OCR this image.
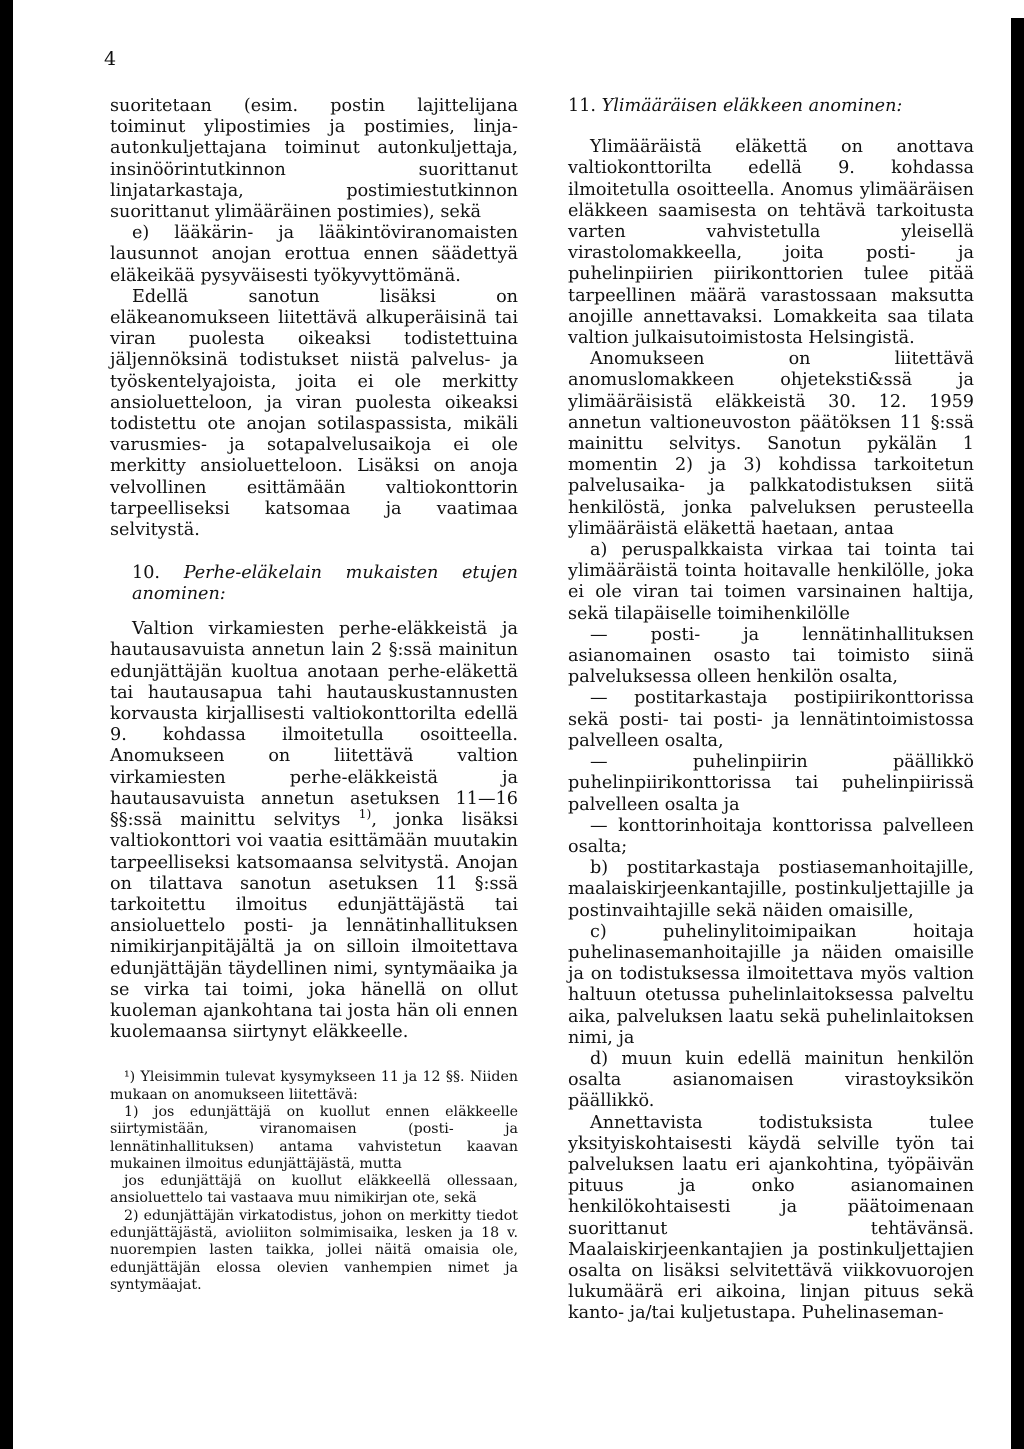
4

suoritetaan (esim. postin lajittelijana toiminut ylipostimies ja postimies, linja-autonkuljettajana toiminut autonkuljettaja, insinöörintutkinnon suorittanut linjatarkastaja, postimiestutkinnon suorittanut ylimääräinen postimies), sekä

e) lääkärin- ja lääkintöviranomaisten lausunnot anojan erottua ennen säädettyä eläkeikää pysyväisesti työkyvyttömänä.

Edellä sanotun lisäksi on eläkeanomukseen liitettävä alkuperäisinä tai viran puolesta oikeaksi todistettuina jäljennöksinä todistukset niistä palvelus- ja työskentelyajoista, joita ei ole merkitty ansioluetteloon, ja viran puolesta oikeaksi todistettu ote anojan sotilaspassista, mikäli varusmies- ja sotapalvelusaikoja ei ole merkitty ansioluetteloon. Lisäksi on anoja velvollinen esittämään valtiokonttorin tarpeelliseksi katsomaa ja vaatimaa selvitystä.

10. Perhe-eläkelain mukaisten etujen anominen:

Valtion virkamiesten perhe-eläkkeistä ja hautausavuista annetun lain 2 §:ssä mainitun edunjättäjän kuoltua anotaan perhe-eläkettä tai hautausapua tahi hautauskustannusten korvausta kirjallisesti valtiokonttorilta edellä 9. kohdassa ilmoitetulla osoitteella. Anomukseen on liitettävä valtion virkamiesten perhe-eläkkeistä ja hautausavuista annetun asetuksen 11—16 §§:ssä mainittu selvitys $^{1)}$, jonka lisäksi valtiokonttori voi vaatia esittämään muutakin tarpeelliseksi katsomaansa selvitystä. Anojan on tilattava sanotun asetuksen 11 §:ssä tarkoitettu ilmoitus edunjättäjästä tai ansioluettelo posti- ja lennätinhallituksen nimikirjanpitäjältä ja on silloin ilmoitettava edunjättäjän täydellinen nimi, syntymäaika ja se virka tai toimi, joka hänellä on ollut kuoleman ajankohtana tai josta hän oli ennen kuolemaansa siirtynyt eläkkeelle.

¹) Yleisimmin tulevat kysymykseen 11 ja 12 §§. Niiden mukaan on anomukseen liitettävä:

1) jos edunjättäjä on kuollut ennen eläkkeelle siirtymistään, viranomaisen (posti- ja lennätinhallituksen) antama vahvistetun kaavan mukainen ilmoitus edunjättäjästä, mutta

jos edunjättäjä on kuollut eläkkeellä ollessaan, ansioluettelo tai vastaava muu nimikirjan ote, sekä

2) edunjättäjän virkatodistus, johon on merkitty tiedot edunjättäjästä, avioliiton solmimisaika, lesken ja 18 v. nuorempien lasten taikka, jollei näitä omaisia ole, edunjättäjän elossa olevien vanhempien nimet ja syntymäajat.

11. Ylimääräisen eläkkeen anominen:

Ylimääräistä eläkettä on anottava valtiokonttorilta edellä 9. kohdassa ilmoitetulla osoitteella. Anomus ylimääräisen eläkkeen saamisesta on tehtävä tarkoitusta varten vahvistetulla yleisellä virastolomakkeella, joita posti- ja puhelinpiirien piirikonttorien tulee pitää tarpeellinen määrä varastossaan maksutta anojille annettavaksi. Lomakkeita saa tilata valtion julkaisutoimistosta Helsingistä.

Anomukseen on liitettävä anomuslomakkeen ohjeteksti&ssä ja ylimääräisistä eläkkeistä 30. 12. 1959 annetun valtioneuvoston päätöksen 11 §:ssä mainittu selvitys. Sanotun pykälän 1 momentin 2) ja 3) kohdissa tarkoitetun palvelusaika- ja palkkatodistuksen siitä henkilöstä, jonka palveluksen perusteella ylimääräistä eläkettä haetaan, antaa

a) peruspalkkaista virkaa tai tointa tai ylimääräistä tointa hoitavalle henkilölle, joka ei ole viran tai toimen varsinainen haltija, sekä tilapäiselle toimihenkilölle

— posti- ja lennätinhallituksen asianomainen osasto tai toimisto siinä palveluksessa olleen henkilön osalta,

— postitarkastaja postipiirikonttorissa sekä posti- tai posti- ja lennätintoimistossa palvelleen osalta,

— puhelinpiirin päällikkö puhelinpiirikonttorissa tai puhelinpiirissä palvelleen osalta ja

— konttorinhoitaja konttorissa palvelleen osalta;

b) postitarkastaja postiasemanhoitajille, maalaiskirjeenkantajille, postinkuljettajille ja postinvaihtajille sekä näiden omaisille,

c) puhelinylitoimipaikan hoitaja puhelinasemanhoitajille ja näiden omaisille ja on todistuksessa ilmoitettava myös valtion haltuun otetussa puhelinlaitoksessa palveltu aika, palveluksen laatu sekä puhelinlaitoksen nimi, ja

d) muun kuin edellä mainitun henkilön osalta asianomaisen virastoyksikön päällikkö.

Annettavista todistuksista tulee yksityiskohtaisesti käydä selville työn tai palveluksen laatu eri ajankohtina, työpäivän pituus ja onko asianomainen henkilökohtaisesti ja päätoimenaan suorittanut tehtävänsä. Maalaiskirjeenkantajien ja postinkuljettajien osalta on lisäksi selvitettävä viikkovuorojen lukumäärä eri aikoina, linjan pituus sekä kanto- ja/tai kuljetustapa. Puhelinaseman-
